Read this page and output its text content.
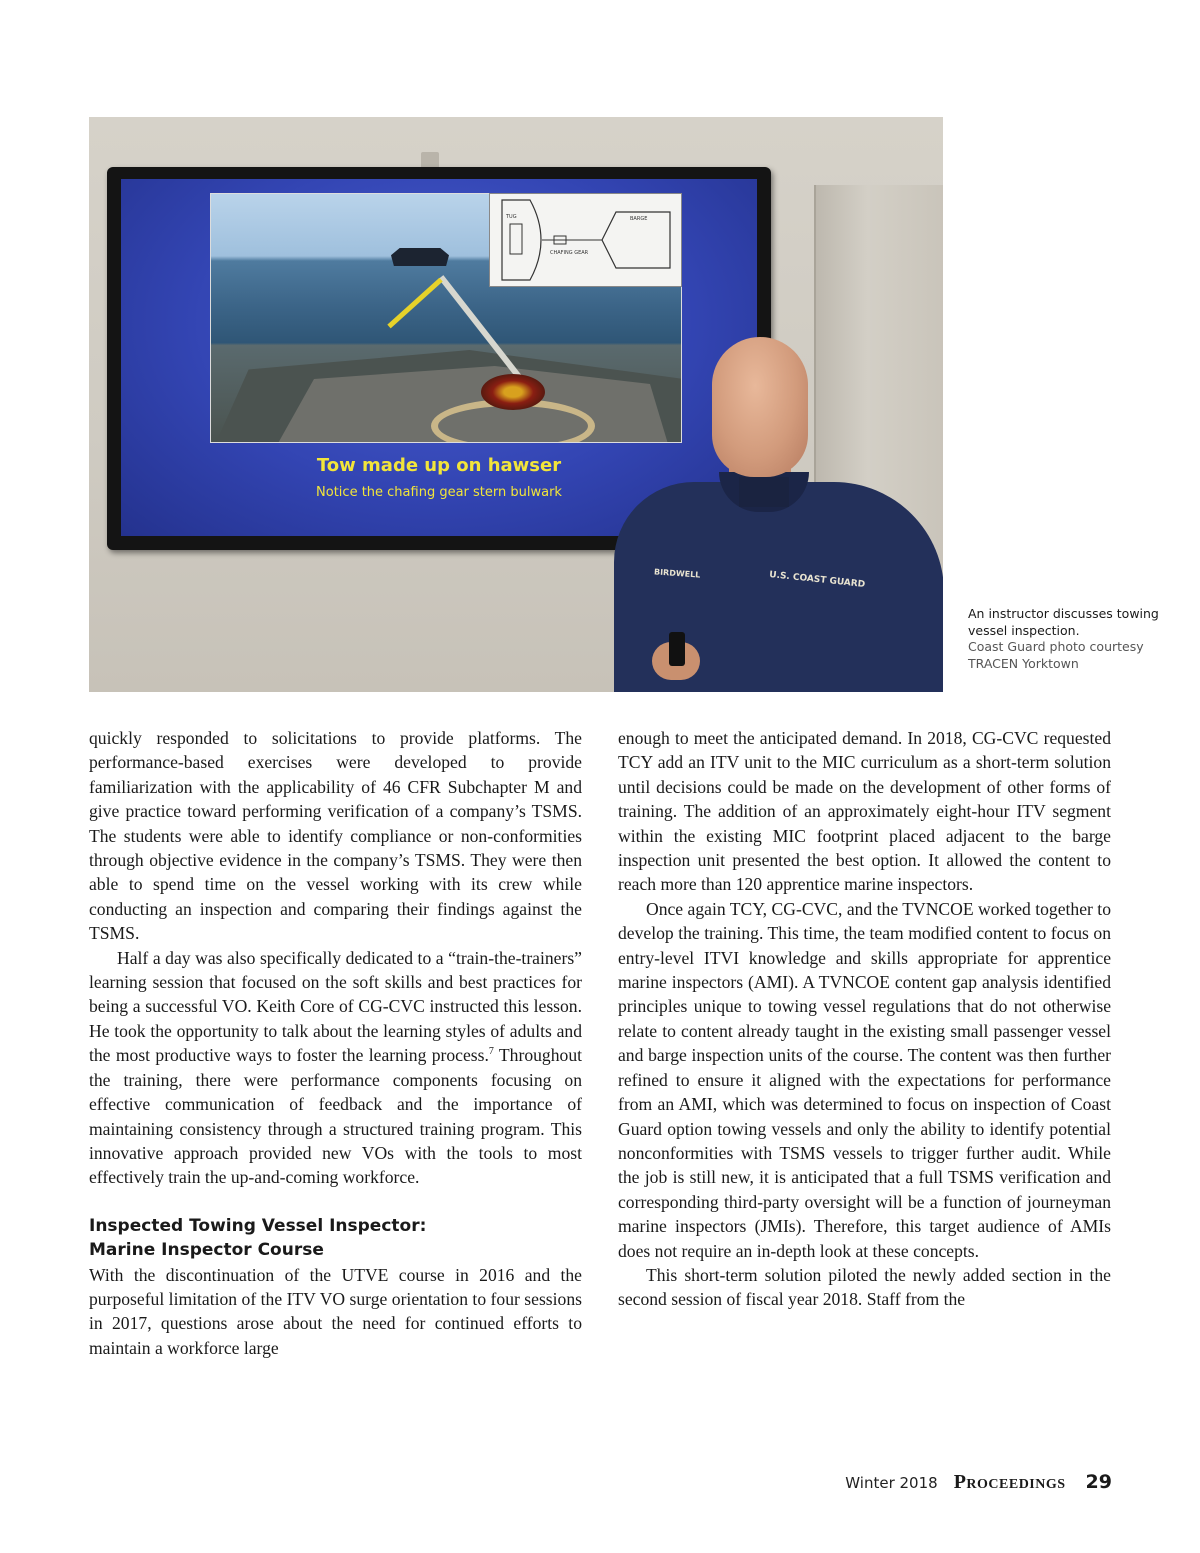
TUG
CHAFING GEAR
BARGE
Tow made up on hawser
Notice the chafing gear stern bulwark
BIRDWELL	U.S. COAST GUARD
An instructor discusses towing vessel inspection.
Coast Guard photo courtesy TRACEN Yorktown

quickly responded to solicitations to provide platforms. The performance-based exercises were developed to provide familiarization with the applicability of 46 CFR Subchapter M and give practice toward performing verification of a company’s TSMS. The students were able to identify compliance or non-conformities through objective evidence in the company’s TSMS. They were then able to spend time on the vessel working with its crew while conducting an inspection and comparing their findings against the TSMS.

Half a day was also specifically dedicated to a “train-the-trainers” learning session that focused on the soft skills and best practices for being a successful VO. Keith Core of CG-CVC instructed this lesson. He took the opportunity to talk about the learning styles of adults and the most productive ways to foster the learning process.$^7$ Throughout the training, there were performance components focusing on effective communication of feedback and the importance of maintaining consistency through a structured training program. This innovative approach provided new VOs with the tools to most effectively train the up-and-coming workforce.

Inspected Towing Vessel Inspector:
Marine Inspector Course

With the discontinuation of the UTVE course in 2016 and the purposeful limitation of the ITV VO surge orientation to four sessions in 2017, questions arose about the need for continued efforts to maintain a workforce large

enough to meet the anticipated demand. In 2018, CG-CVC requested TCY add an ITV unit to the MIC curriculum as a short-term solution until decisions could be made on the development of other forms of training. The addition of an approximately eight-hour ITV segment within the existing MIC footprint placed adjacent to the barge inspection unit presented the best option. It allowed the content to reach more than 120 apprentice marine inspectors.

Once again TCY, CG-CVC, and the TVNCOE worked together to develop the training. This time, the team modified content to focus on entry-level ITVI knowledge and skills appropriate for apprentice marine inspectors (AMI). A TVNCOE content gap analysis identified principles unique to towing vessel regulations that do not otherwise relate to content already taught in the existing small passenger vessel and barge inspection units of the course. The content was then further refined to ensure it aligned with the expectations for performance from an AMI, which was determined to focus on inspection of Coast Guard option towing vessels and only the ability to identify potential nonconformities with TSMS vessels to trigger further audit. While the job is still new, it is anticipated that a full TSMS verification and corresponding third-party oversight will be a function of journeyman marine inspectors (JMIs). Therefore, this target audience of AMIs does not require an in-depth look at these concepts.

This short-term solution piloted the newly added section in the second session of fiscal year 2018. Staff from the

Winter 2018 Proceedings 29
